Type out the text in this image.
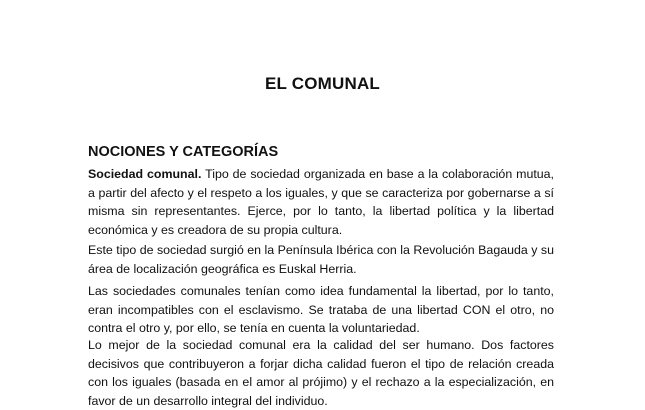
EL COMUNAL
NOCIONES Y CATEGORÍAS

Sociedad comunal. Tipo de sociedad organizada en base a la colaboración mutua, a partir del afecto y el respeto a los iguales, y que se caracteriza por gobernarse a sí misma sin representantes. Ejerce, por lo tanto, la libertad política y la libertad económica y es creadora de su propia cultura.

Este tipo de sociedad surgió en la Península Ibérica con la Revolución Bagauda y su área de localización geográfica es Euskal Herria.

Las sociedades comunales tenían como idea fundamental la libertad, por lo tanto, eran incompatibles con el esclavismo. Se trataba de una libertad CON el otro, no contra el otro y, por ello, se tenía en cuenta la voluntariedad.

Lo mejor de la sociedad comunal era la calidad del ser humano. Dos factores decisivos que contribuyeron a forjar dicha calidad fueron el tipo de relación creada con los iguales (basada en el amor al prójimo) y el rechazo a la especialización, en favor de un desarrollo integral del individuo.
